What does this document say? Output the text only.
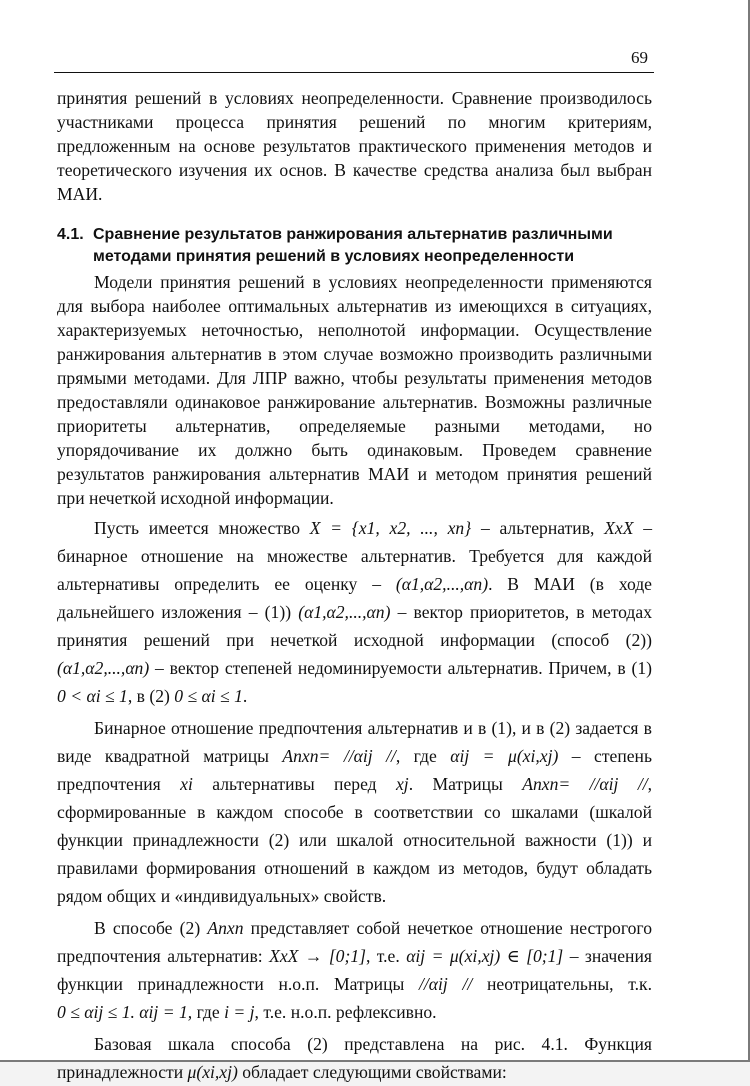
69

принятия решений в условиях неопределенности. Сравнение производилось участниками процесса принятия решений по многим критериям, предложенным на основе результатов практического применения методов и теоретического изучения их основ. В качестве средства анализа был выбран МАИ.

4.1. Сравнение результатов ранжирования альтернатив различными методами принятия решений в условиях неопределенности

Модели принятия решений в условиях неопределенности применяются для выбора наиболее оптимальных альтернатив из имеющихся в ситуациях, характеризуемых неточностью, неполнотой информации. Осуществление ранжирования альтернатив в этом случае возможно производить различными прямыми методами. Для ЛПР важно, чтобы результаты применения методов предоставляли одинаковое ранжирование альтернатив. Возможны различные приоритеты альтернатив, определяемые разными методами, но упорядочивание их должно быть одинаковым. Проведем сравнение результатов ранжирования альтернатив МАИ и методом принятия решений при нечеткой исходной информации.

Пусть имеется множество X = {x1, x2, ..., xn} – альтернатив, XxX – бинарное отношение на множестве альтернатив. Требуется для каждой альтернативы определить ее оценку – (α1,α2,...,αn). В МАИ (в ходе дальнейшего изложения – (1)) (α1,α2,...,αn) – вектор приоритетов, в методах принятия решений при нечеткой исходной информации (способ (2)) (α1,α2,...,αn) – вектор степеней недоминируемости альтернатив. Причем, в (1) 0 < αi ≤ 1, в (2) 0 ≤ αi ≤ 1.

Бинарное отношение предпочтения альтернатив и в (1), и в (2) задается в виде квадратной матрицы Anxn= //αij //, где αij = μ(xi,xj) – степень предпочтения xi альтернативы перед xj. Матрицы Anxn= //αij //, сформированные в каждом способе в соответствии со шкалами (шкалой функции принадлежности (2) или шкалой относительной важности (1)) и правилами формирования отношений в каждом из методов, будут обладать рядом общих и «индивидуальных» свойств.

В способе (2) Anxn представляет собой нечеткое отношение нестрогого предпочтения альтернатив: XxX → [0;1], т.е. αij = μ(xi,xj) ∈ [0;1] – значения функции принадлежности н.о.п. Матрицы //αij // неотрицательны, т.к. 0 ≤ αij ≤ 1. αij = 1, где i = j, т.е. н.о.п. рефлексивно.

Базовая шкала способа (2) представлена на рис. 4.1. Функция принадлежности μ(xi,xj) обладает следующими свойствами:
